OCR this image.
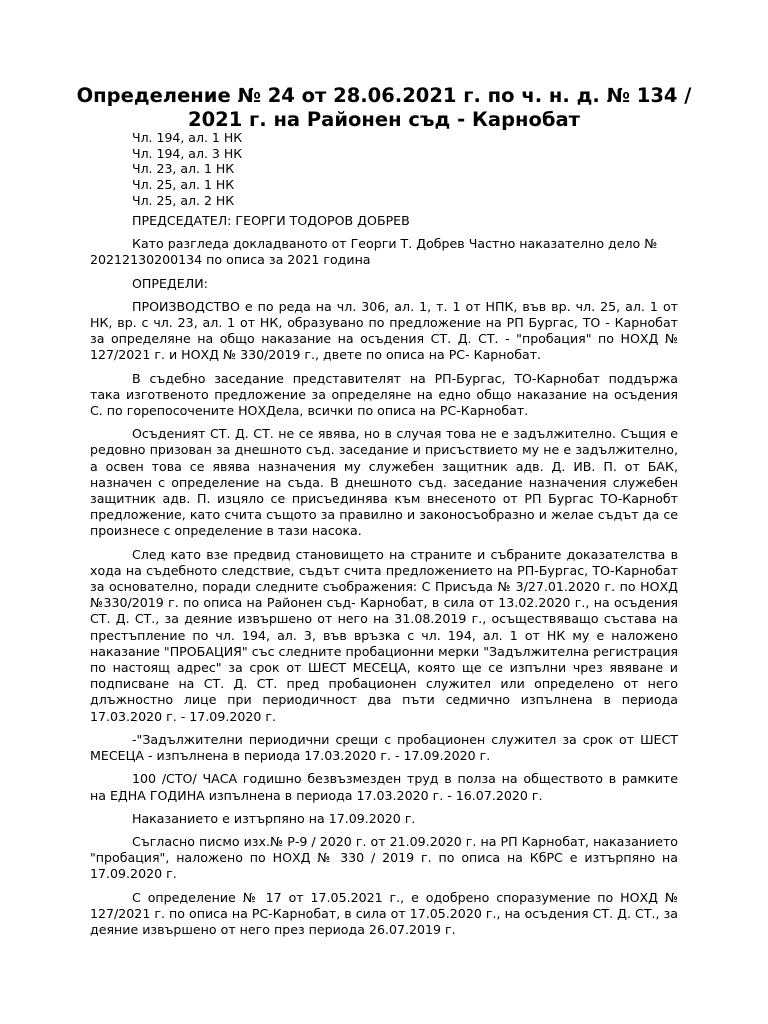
Определение № 24 от 28.06.2021 г. по ч. н. д. № 134 / 2021 г. на Районен съд - Карнобат
Чл. 194, ал. 1 НК
Чл. 194, ал. 3 НК
Чл. 23, ал. 1 НК
Чл. 25, ал. 1 НК
Чл. 25, ал. 2 НК

ПРЕДСЕДАТЕЛ: ГЕОРГИ ТОДОРОВ ДОБРЕВ

Като разгледа докладваното от Георги Т. Добрев Частно наказателно дело № 20212130200134 по описа за 2021 година

ОПРЕДЕЛИ:

ПРОИЗВОДСТВО е по реда на чл. 306, ал. 1, т. 1 от НПК, във вр. чл. 25, ал. 1 от НК, вр. с чл. 23, ал. 1 от НК, образувано по предложение на РП Бургас, ТО - Карнобат за определяне на общо наказание на осъдения СТ. Д. СТ. - "пробация" по НОХД № 127/2021 г. и НОХД № 330/2019 г., двете по описа на РС- Карнобат.

В съдебно заседание представителят на РП-Бургас, ТО-Карнобат поддържа така изготвеното предложение за определяне на едно общо наказание на осъдения С. по горепосочените НОХДела, всички по описа на РС-Карнобат.

Осъденият СТ. Д. СТ. не се явява, но в случая това не е задължително. Същия е редовно призован за днешното съд. заседание и присъствието му не е задължително, а освен това се явява назначения му служебен защитник адв. Д. ИВ. П. от БАК, назначен с определение на съда. В днешното съд. заседание назначения служебен защитник адв. П. изцяло се присъединява към внесеното от РП Бургас ТО-Карнобт предложение, като счита същото за правилно и законосъобразно и желае съдът да се произнесе с определение в тази насока.

След като взе предвид становището на страните и събраните доказателства в хода на съдебното следствие, съдът счита предложението на РП-Бургас, ТО-Карнобат за основателно, поради следните съображения: С Присъда № 3/27.01.2020 г. по НОХД №330/2019 г. по описа на Районен съд- Карнобат, в сила от 13.02.2020 г., на осъдения СТ. Д. СТ., за деяние извършено от него на 31.08.2019 г., осъществяващо състава на престъпление по чл. 194, ал. 3, във връзка с чл. 194, ал. 1 от НК му е наложено наказание "ПРОБАЦИЯ" със следните пробационни мерки "Задължителна регистрация по настоящ адрес" за срок от ШЕСТ МЕСЕЦА, която ще се изпълни чрез явяване и подписване на СТ. Д. СТ. пред пробационен служител или определено от него длъжностно лице при периодичност два пъти седмично изпълнена в периода 17.03.2020 г. - 17.09.2020 г.

-"Задължителни периодични срещи с пробационен служител за срок от ШЕСТ МЕСЕЦА - изпълнена в периода 17.03.2020 г. - 17.09.2020 г.

100 /СТО/ ЧАСА годишно безвъзмезден труд в полза на обществото в рамките на ЕДНА ГОДИНА изпълнена в периода 17.03.2020 г. - 16.07.2020 г.

Наказанието е изтърпяно на 17.09.2020 г.

Съгласно писмо изх.№ Р-9 / 2020 г. от 21.09.2020 г. на РП Карнобат, наказанието "пробация", наложено по НОХД № 330 / 2019 г. по описа на КбРС е изтърпяно на 17.09.2020 г.

С определение № 17 от 17.05.2021 г., е одобрено споразумение по НОХД № 127/2021 г. по описа на РС-Карнобат, в сила от 17.05.2020 г., на осъдения СТ. Д. СТ., за деяние извършено от него през периода 26.07.2019 г.
